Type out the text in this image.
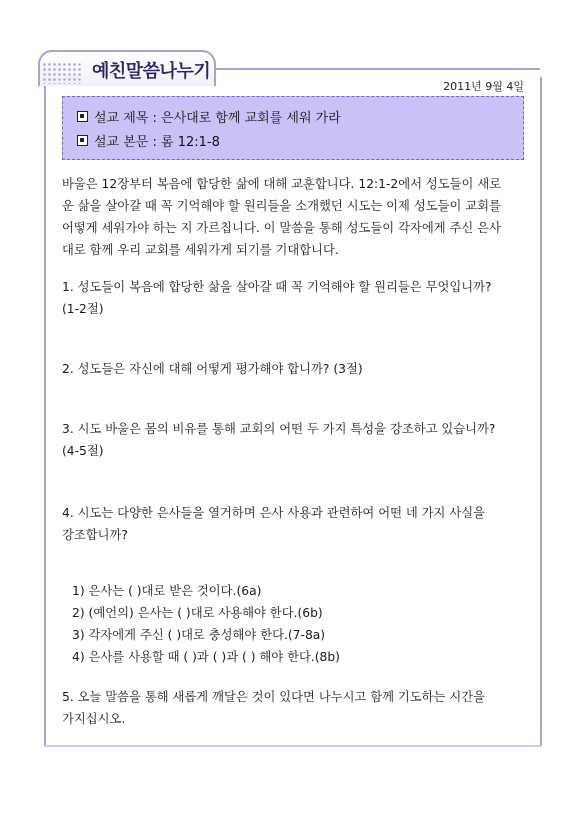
예친말씀나누기
2011년 9월 4일
설교 제목 : 은사대로 함께 교회를 세워 가라
설교 본문 : 롬 12:1-8
바울은 12장부터 복음에 합당한 삶에 대해 교훈합니다. 12:1-2에서 성도들이 새로
운 삶을 살아갈 때 꼭 기억해야 할 원리들을 소개했던 시도는 이제 성도들이 교회를
어떻게 세워가야 하는 지 가르칩니다. 이 말씀을 통해 성도들이 각자에게 주신 은사
대로 함께 우리 교회를 세워가게 되기를 기대합니다.
1. 성도들이 복음에 합당한 삶을 살아갈 때 꼭 기억해야 할 원리들은 무엇입니까?
(1-2절)
2. 성도들은 자신에 대해 어떻게 평가해야 합니까? (3절)
3. 시도 바울은 몸의 비유를 통해 교회의 어떤 두 가지 특성을 강조하고 있습니까?
(4-5절)
4. 시도는 다양한 은사들을 열거하며 은사 사용과 관련하여 어떤 네 가지 사실을
강조합니까?
1) 은사는 ( )대로 받은 것이다.(6a)
2) (예언의) 은사는 ( )대로 사용해야 한다.(6b)
3) 각자에게 주신 ( )대로 충성해야 한다.(7-8a)
4) 은사를 사용할 때 ( )과 ( )과 ( ) 해야 한다.(8b)
5. 오늘 말씀을 통해 새롭게 깨달은 것이 있다면 나누시고 함께 기도하는 시간을
가지십시오.
